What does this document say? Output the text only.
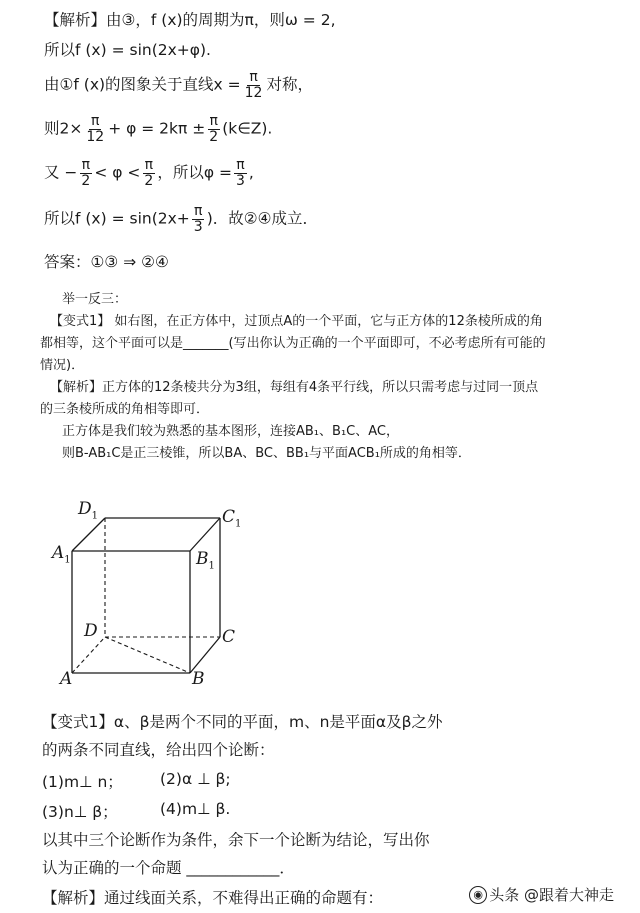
【解析】由③，f (x)的周期为π，则ω = 2,
所以f (x) = sin(2x+φ).
由①f (x)的图象关于直线$x = \frac{\pi}{12}$ 对称，
则$2\times \frac{\pi}{12} + \varphi = 2k\pi \pm \frac{\pi}{2}$ (k∈Z).
又 − $\frac{\pi}{2} < \varphi < \frac{\pi}{2}$ ，所以$\varphi = \frac{\pi}{3}$ ,
所以f $(x) = \sin(2x+ \frac{\pi}{3}$ )．故②④成立．
答案：①③ ⇒ ②④
举一反三：
【变式1】 如右图，在正方体中，过顶点A的一个平面，它与正方体的12条棱所成的角
都相等，这个平面可以是_______(写出你认为正确的一个平面即可，不必考虑所有可能的
情况)．
【解析】正方体的12条棱共分为3组，每组有4条平行线，所以只需考虑与过同一顶点
的三条棱所成的角相等即可．
正方体是我们较为熟悉的基本图形，连接AB₁、B₁C、AC，
则B-AB₁C是正三棱锥，所以BA、BC、BB₁与平面ACB₁所成的角相等．
$D_1$	$C_1$
$A_1$	$B_1$
D	C
A	B
【变式1】α、β是两个不同的平面，m、n是平面α及β之外
的两条不同直线，给出四个论断：
(1)m⊥ n； (2)α ⊥ β;
(3)n⊥ β；	(4)m⊥ β.
以其中三个论断作为条件，余下一个论断为结论，写出你
认为正确的一个命题 ____________．
【解析】通过线面关系，不难得出正确的命题有：	◉ 头条 @跟着大神走
